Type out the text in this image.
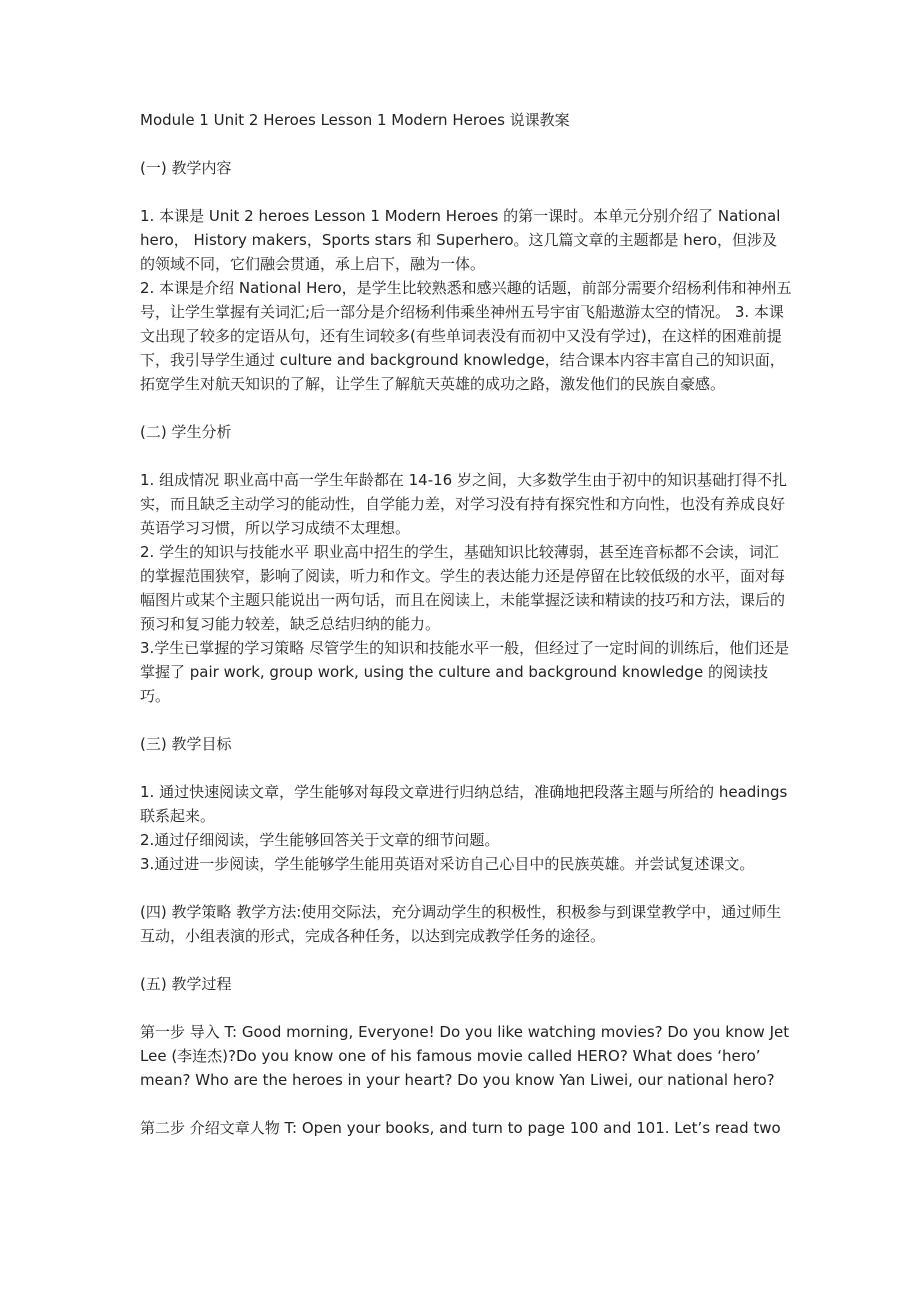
Module 1 Unit 2 Heroes Lesson 1 Modern Heroes 说课教案

(一) 教学内容

1. 本课是 Unit 2 heroes Lesson 1 Modern Heroes 的第一课时。本单元分别介绍了 National hero， History makers，Sports stars 和 Superhero。这几篇文章的主题都是 hero，但涉及的领域不同，它们融会贯通，承上启下，融为一体。

2. 本课是介绍 National Hero，是学生比较熟悉和感兴趣的话题，前部分需要介绍杨利伟和神州五号，让学生掌握有关词汇;后一部分是介绍杨利伟乘坐神州五号宇宙飞船遨游太空的情况。 3. 本课文出现了较多的定语从句，还有生词较多(有些单词表没有而初中又没有学过)，在这样的困难前提下，我引导学生通过 culture and background knowledge，结合课本内容丰富自己的知识面，拓宽学生对航天知识的了解，让学生了解航天英雄的成功之路，激发他们的民族自豪感。

(二) 学生分析

1. 组成情况 职业高中高一学生年龄都在 14-16 岁之间，大多数学生由于初中的知识基础打得不扎实，而且缺乏主动学习的能动性，自学能力差，对学习没有持有探究性和方向性，也没有养成良好英语学习习惯，所以学习成绩不太理想。

2. 学生的知识与技能水平 职业高中招生的学生，基础知识比较薄弱，甚至连音标都不会读，词汇的掌握范围狭窄，影响了阅读，听力和作文。学生的表达能力还是停留在比较低级的水平，面对每幅图片或某个主题只能说出一两句话，而且在阅读上，未能掌握泛读和精读的技巧和方法，课后的预习和复习能力较差，缺乏总结归纳的能力。

3.学生已掌握的学习策略 尽管学生的知识和技能水平一般，但经过了一定时间的训练后，他们还是掌握了 pair work, group work, using the culture and background knowledge 的阅读技巧。

(三) 教学目标

1. 通过快速阅读文章，学生能够对每段文章进行归纳总结，准确地把段落主题与所给的 headings 联系起来。

2.通过仔细阅读，学生能够回答关于文章的细节问题。

3.通过进一步阅读，学生能够学生能用英语对采访自己心目中的民族英雄。并尝试复述课文。

(四) 教学策略 教学方法:使用交际法，充分调动学生的积极性，积极参与到课堂教学中，通过师生互动，小组表演的形式，完成各种任务，以达到完成教学任务的途径。

(五) 教学过程

第一步 导入 T: Good morning, Everyone! Do you like watching movies? Do you know Jet Lee (李连杰)?Do you know one of his famous movie called HERO? What does ‘hero’ mean? Who are the heroes in your heart? Do you know Yan Liwei, our national hero?

第二步 介绍文章人物 T: Open your books, and turn to page 100 and 101. Let’s read two
